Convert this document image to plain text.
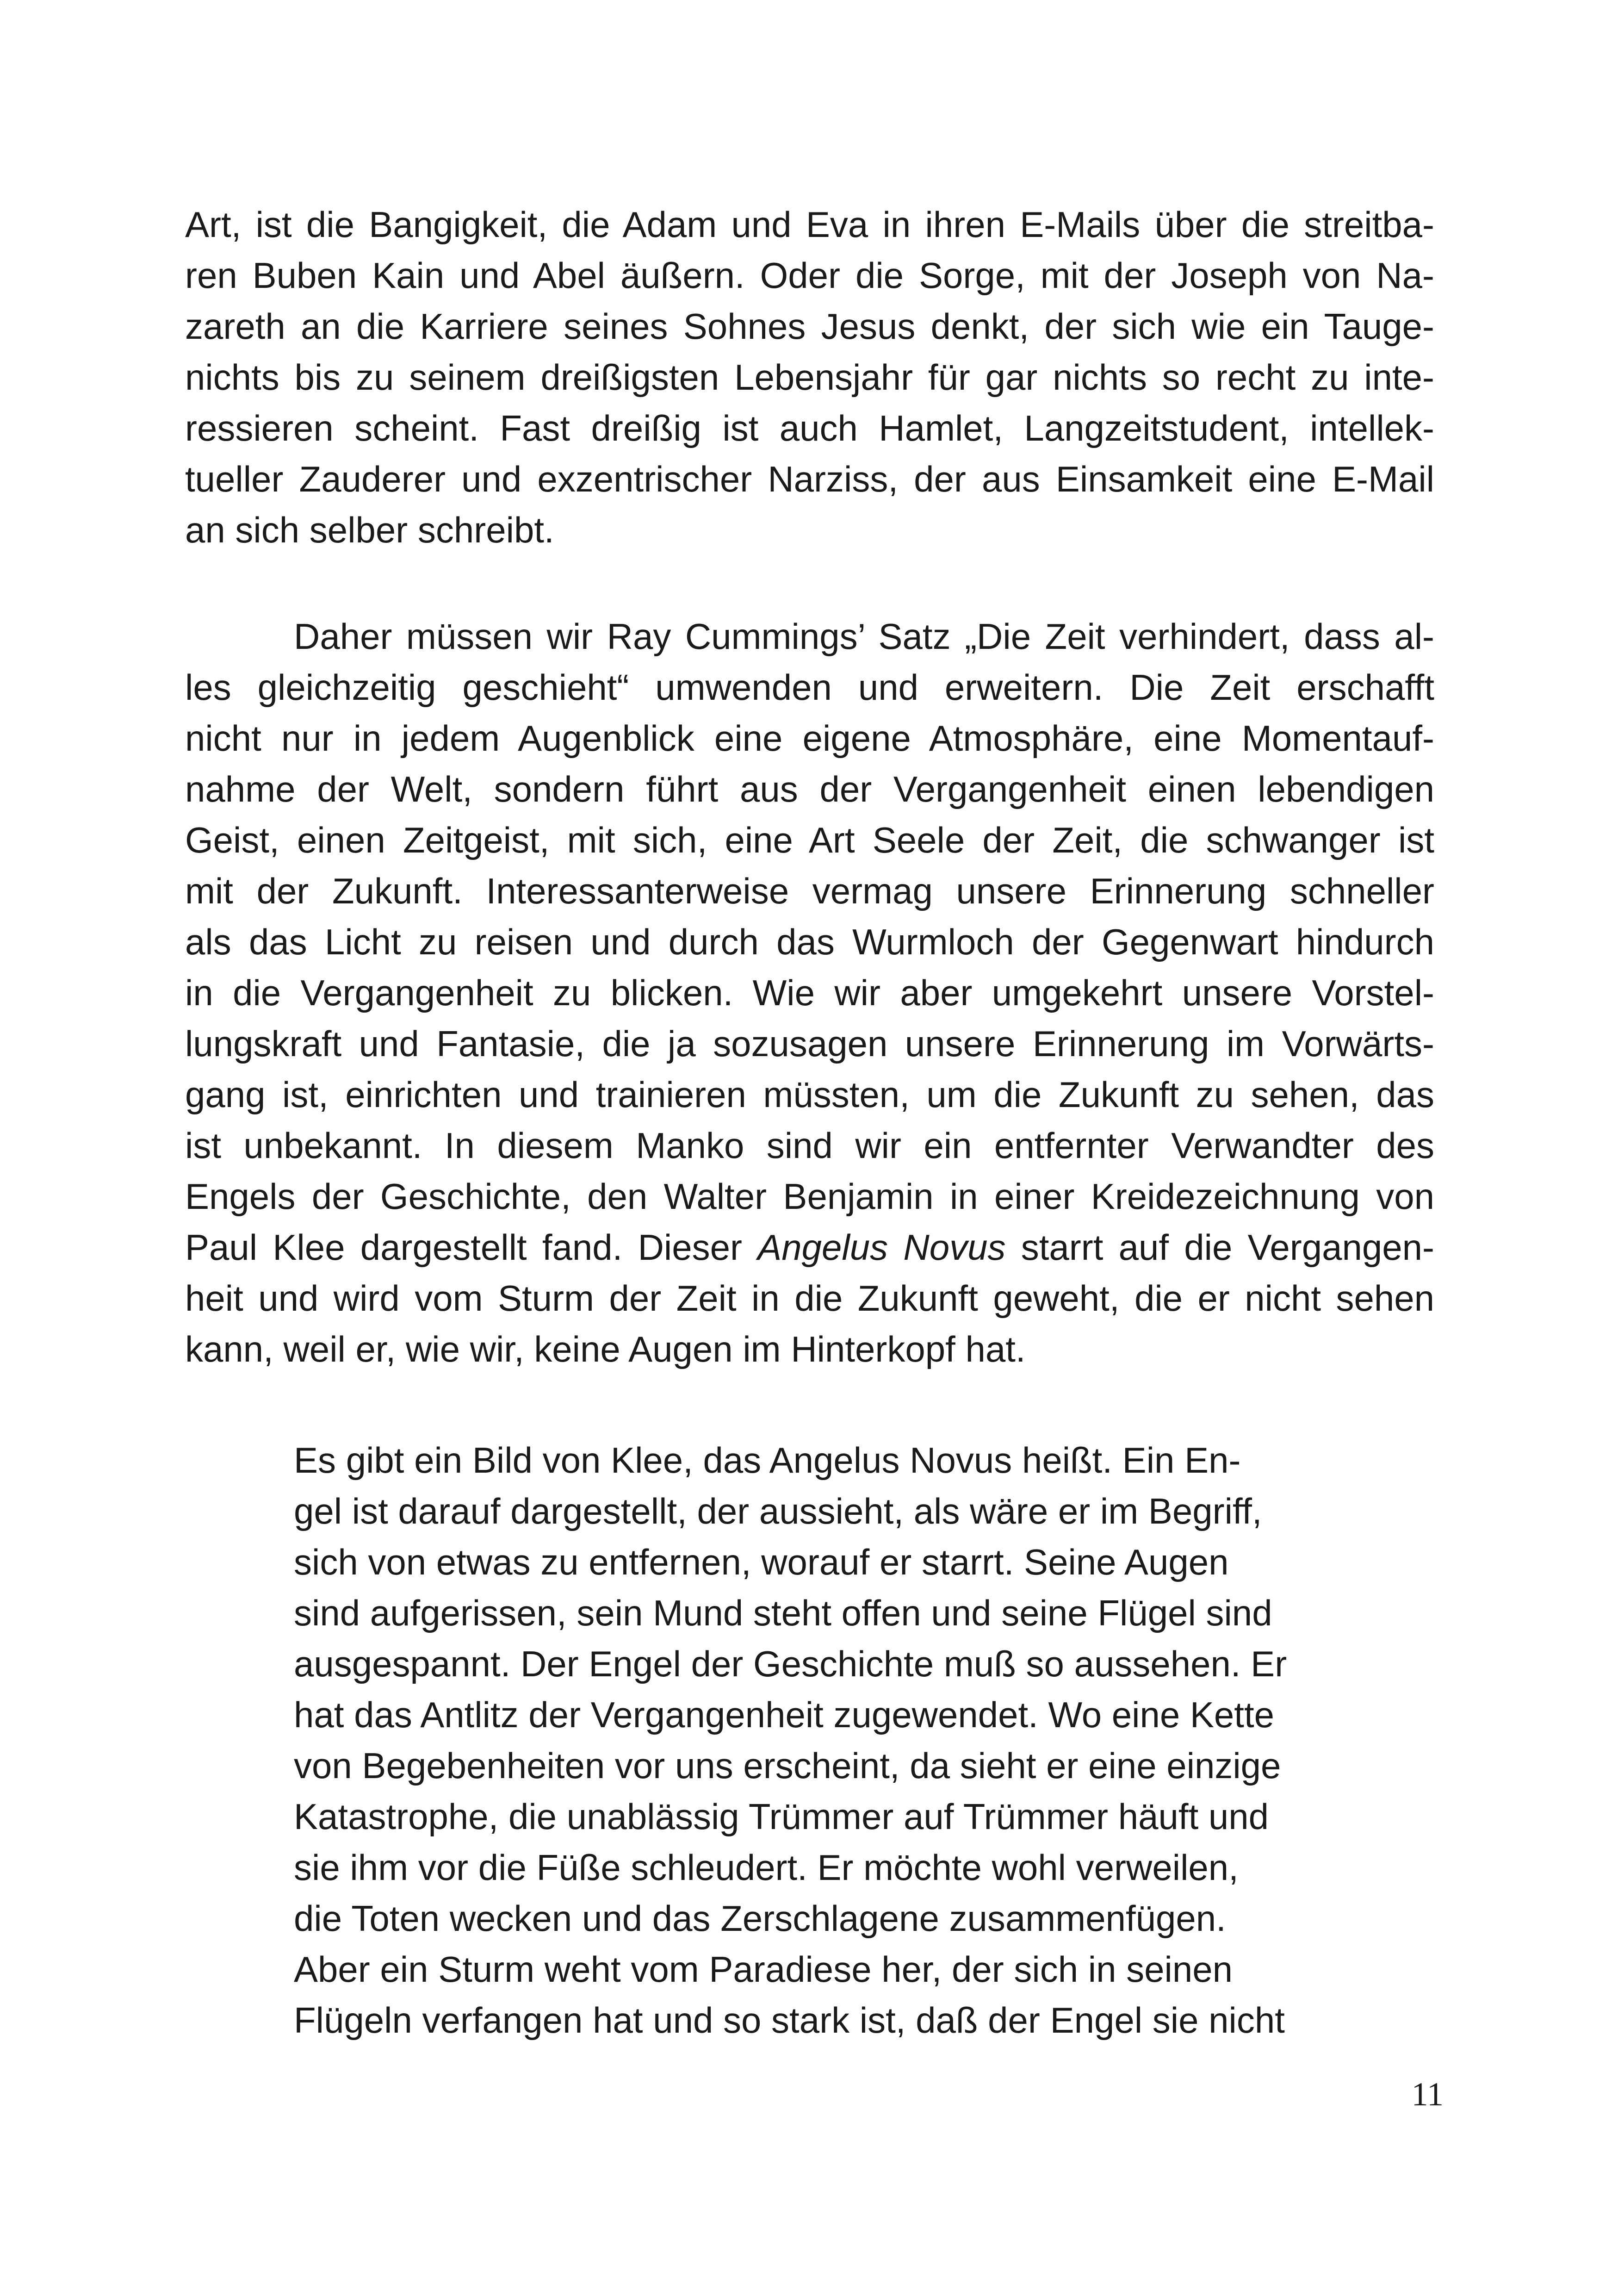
Art, ist die Bangigkeit, die Adam und Eva in ihren E-Mails über die streitba-
ren Buben Kain und Abel äußern. Oder die Sorge, mit der Joseph von Na-
zareth an die Karriere seines Sohnes Jesus denkt, der sich wie ein Tauge-
nichts bis zu seinem dreißigsten Lebensjahr für gar nichts so recht zu inte-
ressieren scheint. Fast dreißig ist auch Hamlet, Langzeitstudent, intellek-
tueller Zauderer und exzentrischer Narziss, der aus Einsamkeit eine E-Mail
an sich selber schreibt.
Daher müssen wir Ray Cummings’ Satz „Die Zeit verhindert, dass al-
les gleichzeitig geschieht“ umwenden und erweitern. Die Zeit erschafft
nicht nur in jedem Augenblick eine eigene Atmosphäre, eine Momentauf-
nahme der Welt, sondern führt aus der Vergangenheit einen lebendigen
Geist, einen Zeitgeist, mit sich, eine Art Seele der Zeit, die schwanger ist
mit der Zukunft. Interessanterweise vermag unsere Erinnerung schneller
als das Licht zu reisen und durch das Wurmloch der Gegenwart hindurch
in die Vergangenheit zu blicken. Wie wir aber umgekehrt unsere Vorstel-
lungskraft und Fantasie, die ja sozusagen unsere Erinnerung im Vorwärts-
gang ist, einrichten und trainieren müssten, um die Zukunft zu sehen, das
ist unbekannt. In diesem Manko sind wir ein entfernter Verwandter des
Engels der Geschichte, den Walter Benjamin in einer Kreidezeichnung von
Paul Klee dargestellt fand. Dieser Angelus Novus starrt auf die Vergangen-
heit und wird vom Sturm der Zeit in die Zukunft geweht, die er nicht sehen
kann, weil er, wie wir, keine Augen im Hinterkopf hat.
Es gibt ein Bild von Klee, das Angelus Novus heißt. Ein En-
gel ist darauf dargestellt, der aussieht, als wäre er im Begriff,
sich von etwas zu entfernen, worauf er starrt. Seine Augen
sind aufgerissen, sein Mund steht offen und seine Flügel sind
ausgespannt. Der Engel der Geschichte muß so aussehen. Er
hat das Antlitz der Vergangenheit zugewendet. Wo eine Kette
von Begebenheiten vor uns erscheint, da sieht er eine einzige
Katastrophe, die unablässig Trümmer auf Trümmer häuft und
sie ihm vor die Füße schleudert. Er möchte wohl verweilen,
die Toten wecken und das Zerschlagene zusammenfügen.
Aber ein Sturm weht vom Paradiese her, der sich in seinen
Flügeln verfangen hat und so stark ist, daß der Engel sie nicht
11
